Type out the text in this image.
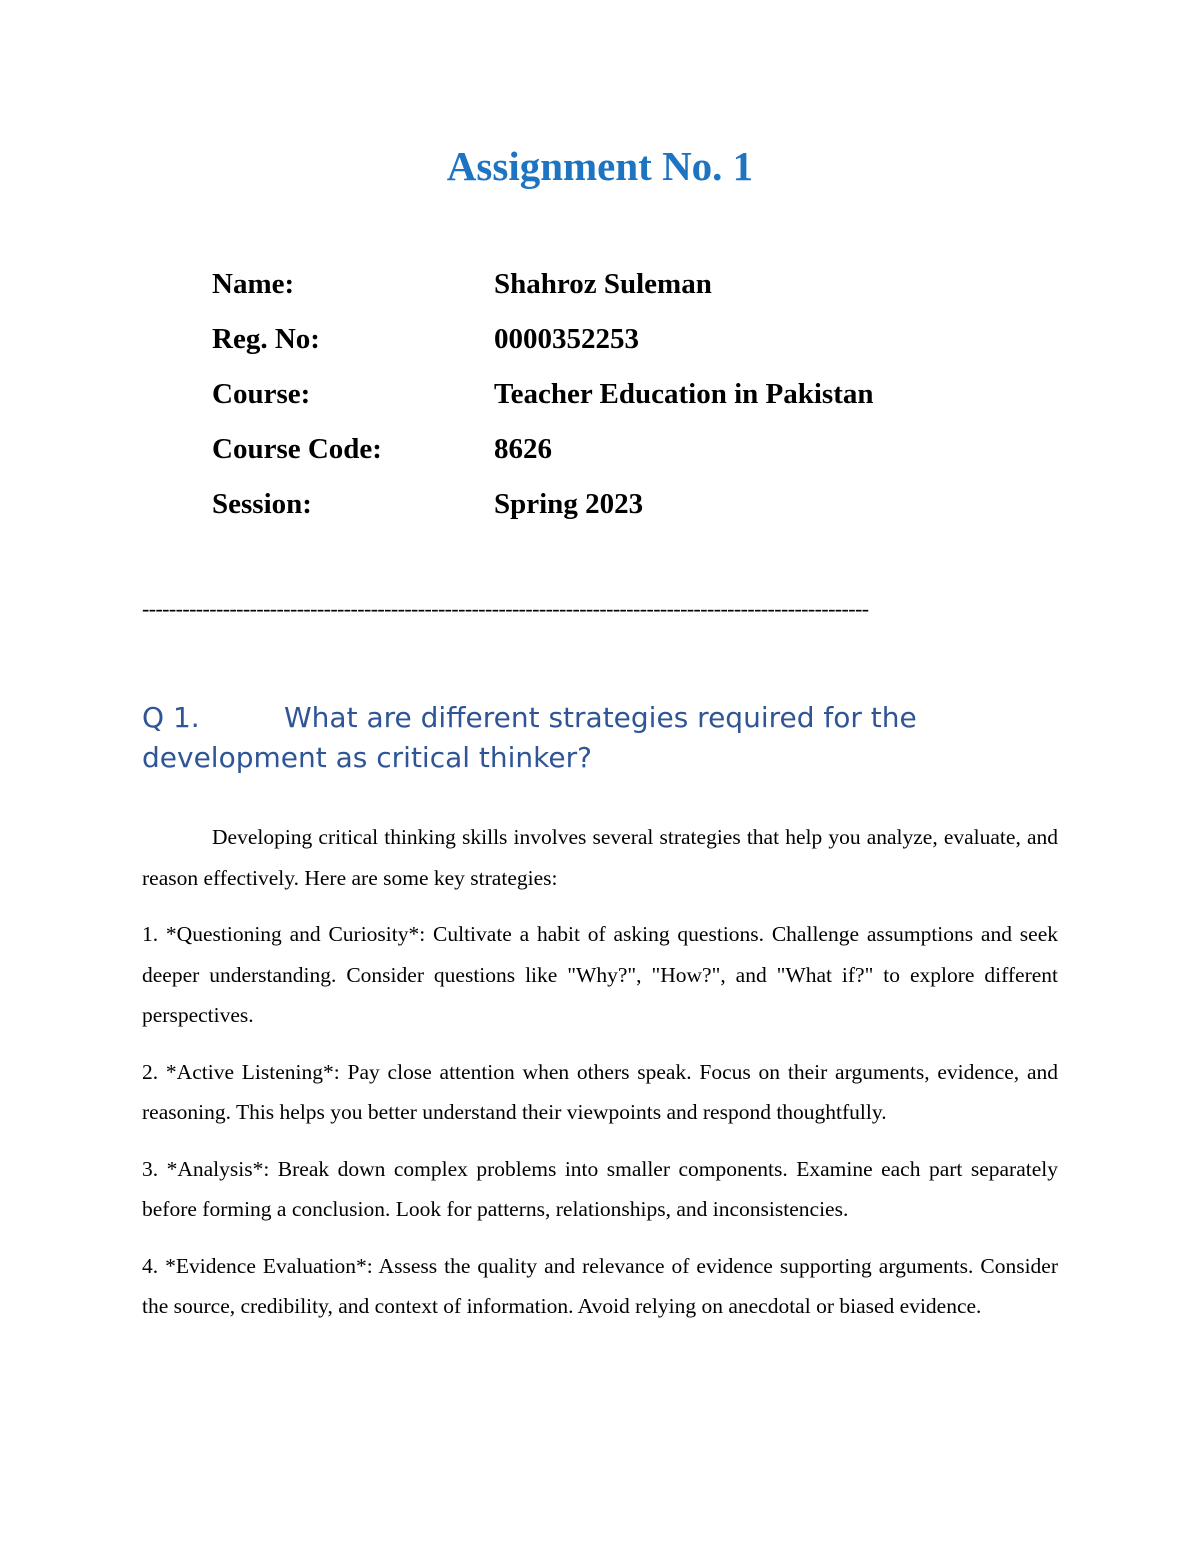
Assignment No. 1
Name:	Shahroz Suleman
Reg. No:	0000352253
Course:	Teacher Education in Pakistan
Course Code:	8626
Session:	Spring 2023
------------------------------------------------------------------------------------------------------------
Q 1.	What are different strategies required for the development as critical thinker?

Developing critical thinking skills involves several strategies that help you analyze, evaluate, and reason effectively. Here are some key strategies:

1. *Questioning and Curiosity*: Cultivate a habit of asking questions. Challenge assumptions and seek deeper understanding. Consider questions like "Why?", "How?", and "What if?" to explore different perspectives.

2. *Active Listening*: Pay close attention when others speak. Focus on their arguments, evidence, and reasoning. This helps you better understand their viewpoints and respond thoughtfully.

3. *Analysis*: Break down complex problems into smaller components. Examine each part separately before forming a conclusion. Look for patterns, relationships, and inconsistencies.

4. *Evidence Evaluation*: Assess the quality and relevance of evidence supporting arguments. Consider the source, credibility, and context of information. Avoid relying on anecdotal or biased evidence.
